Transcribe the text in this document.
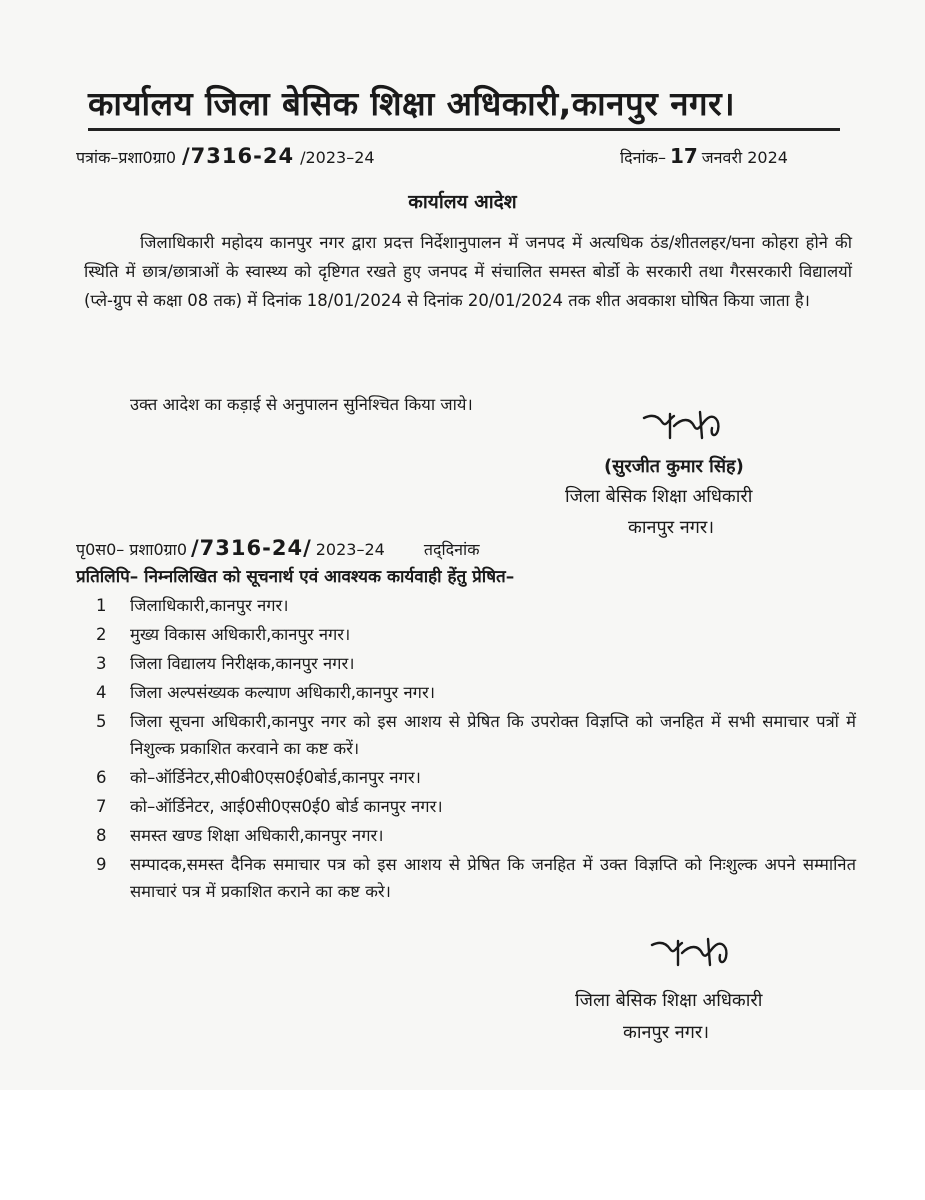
कार्यालय जिला बेसिक शिक्षा अधिकारी,कानपुर नगर।
पत्रांक–प्रशा0ग्रा0 /7316-24 /2023–24	दिनांक– 17 जनवरी 2024
कार्यालय आदेश
जिलाधिकारी महोदय कानपुर नगर द्वारा प्रदत्त निर्देशानुपालन में जनपद में अत्यधिक ठंड/शीतलहर/घना कोहरा होने की स्थिति में छात्र/छात्राओं के स्वास्थ्य को दृष्टिगत रखते हुए जनपद में संचालित समस्त बोर्डो के सरकारी तथा गैरसरकारी विद्यालयों (प्ले-ग्रुप से कक्षा 08 तक) में दिनांक 18/01/2024 से दिनांक 20/01/2024 तक शीत अवकाश घोषित किया जाता है।
उक्त आदेश का कड़ाई से अनुपालन सुनिश्चित किया जाये।
(सुरजीत कुमार सिंह)
जिला बेसिक शिक्षा अधिकारी
कानपुर नगर।
पृ0स0– प्रशा0ग्रा0 /7316-24/ 2023–24 तद्‌दिनांक
प्रतिलिपि– निम्नलिखित को सूचनार्थ एवं आवश्यक कार्यवाही हेंतु प्रेषित–
1	जिलाधिकारी,कानपुर नगर।
2	मुख्य विकास अधिकारी,कानपुर नगर।
3	जिला विद्यालय निरीक्षक,कानपुर नगर।
4	जिला अल्पसंख्यक कल्याण अधिकारी,कानपुर नगर।
5	जिला सूचना अधिकारी,कानपुर नगर को इस आशय से प्रेषित कि उपरोक्त विज्ञप्ति को जनहित में सभी समाचार पत्रों में निशुल्क प्रकाशित करवाने का कष्ट करें।
6	को–ऑर्डिनेटर,सी0बी0एस0ई0बोर्ड,कानपुर नगर।
7	को–ऑर्डिनेटर, आई0सी0एस0ई0 बोर्ड कानपुर नगर।
8	समस्त खण्ड शिक्षा अधिकारी,कानपुर नगर।
9	सम्पादक,समस्त दैनिक समाचार पत्र को इस आशय से प्रेषित कि जनहित में उक्त विज्ञप्ति को निःशुल्क अपने सम्मानित समाचारं पत्र में प्रकाशित कराने का कष्ट करे।
जिला बेसिक शिक्षा अधिकारी
कानपुर नगर।
